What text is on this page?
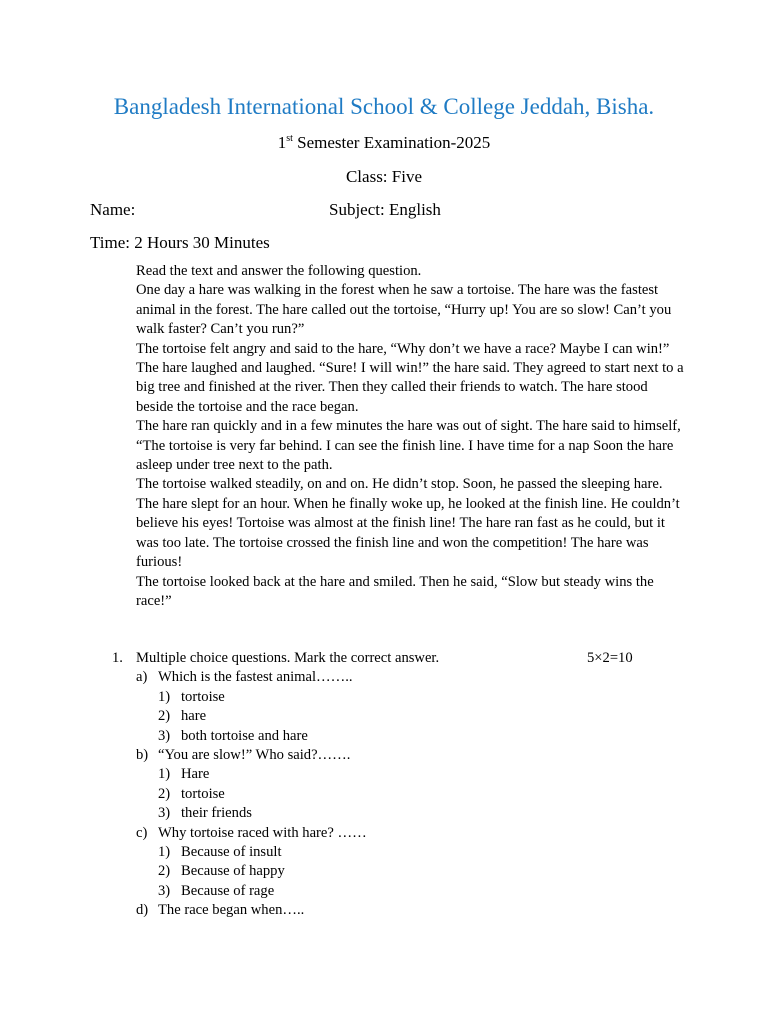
Bangladesh International School & College Jeddah, Bisha.
1st Semester Examination-2025
Class: Five
Name:	Subject: English
Time: 2 Hours 30 Minutes

Read the text and answer the following question.

One day a hare was walking in the forest when he saw a tortoise. The hare was the fastest animal in the forest. The hare called out the tortoise, “Hurry up! You are so slow! Can’t you walk faster? Can’t you run?”

The tortoise felt angry and said to the hare, “Why don’t we have a race? Maybe I can win!”

The hare laughed and laughed. “Sure! I will win!” the hare said. They agreed to start next to a big tree and finished at the river. Then they called their friends to watch. The hare stood beside the tortoise and the race began.

The hare ran quickly and in a few minutes the hare was out of sight. The hare said to himself, “The tortoise is very far behind. I can see the finish line. I have time for a nap Soon the hare asleep under tree next to the path.

The tortoise walked steadily, on and on. He didn’t stop. Soon, he passed the sleeping hare.

The hare slept for an hour. When he finally woke up, he looked at the finish line. He couldn’t believe his eyes! Tortoise was almost at the finish line! The hare ran fast as he could, but it was too late. The tortoise crossed the finish line and won the competition! The hare was furious!

The tortoise looked back at the hare and smiled. Then he said, “Slow but steady wins the race!”

1. Multiple choice questions. Mark the correct answer.	5×2=10
a) Which is the fastest animal……..
1) tortoise
2) hare
3) both tortoise and hare
b) “You are slow!” Who said?…….
1) Hare
2) tortoise
3) their friends
c) Why tortoise raced with hare? ……
1) Because of insult
2) Because of happy
3) Because of rage
d) The race began when…..
